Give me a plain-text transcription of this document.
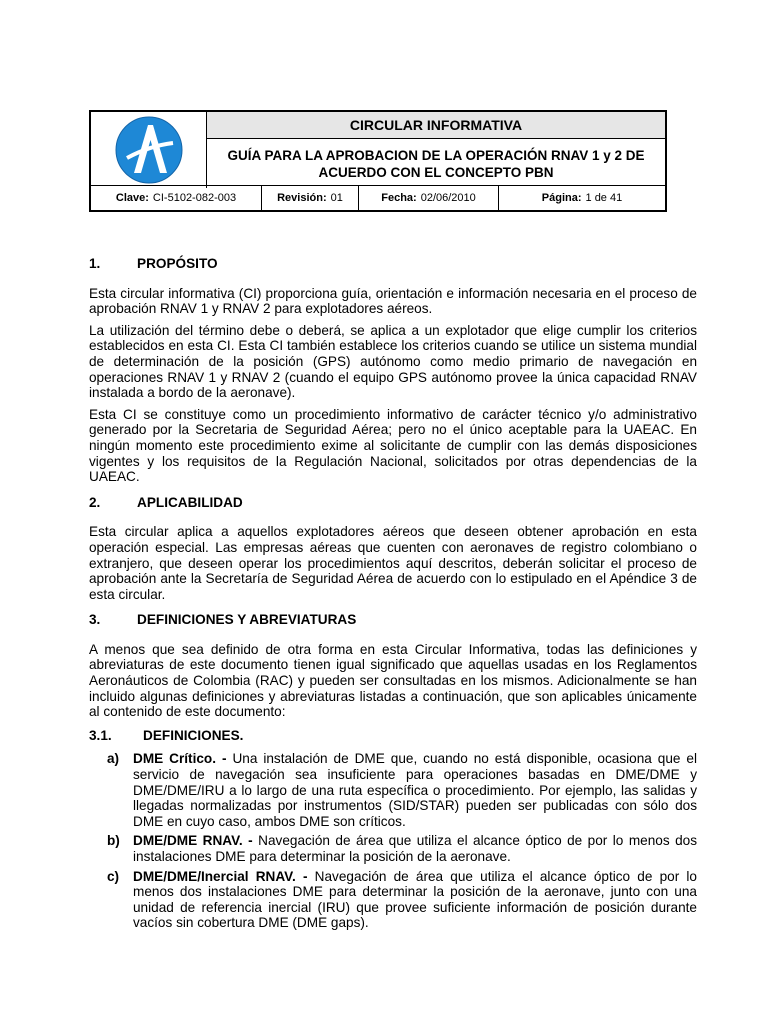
CIRCULAR INFORMATIVA
GUÍA PARA LA APROBACION DE LA OPERACIÓN RNAV 1 y 2 DE ACUERDO CON EL CONCEPTO PBN
Clave: CI-5102-082-003	Revisión: 01	Fecha: 02/06/2010	Página: 1 de 41
1.	PROPÓSITO

Esta circular informativa (CI) proporciona guía, orientación e información necesaria en el proceso de aprobación RNAV 1 y RNAV 2 para explotadores aéreos.

La utilización del término debe o deberá, se aplica a un explotador que elige cumplir los criterios establecidos en esta CI. Esta CI también establece los criterios cuando se utilice un sistema mundial de determinación de la posición (GPS) autónomo como medio primario de navegación en operaciones RNAV 1 y RNAV 2 (cuando el equipo GPS autónomo provee la única capacidad RNAV instalada a bordo de la aeronave).

Esta CI se constituye como un procedimiento informativo de carácter técnico y/o administrativo generado por la Secretaria de Seguridad Aérea; pero no el único aceptable para la UAEAC. En ningún momento este procedimiento exime al solicitante de cumplir con las demás disposiciones vigentes y los requisitos de la Regulación Nacional, solicitados por otras dependencias de la UAEAC.

2.	APLICABILIDAD

Esta circular aplica a aquellos explotadores aéreos que deseen obtener aprobación en esta operación especial. Las empresas aéreas que cuenten con aeronaves de registro colombiano o extranjero, que deseen operar los procedimientos aquí descritos, deberán solicitar el proceso de aprobación ante la Secretaría de Seguridad Aérea de acuerdo con lo estipulado en el Apéndice 3 de esta circular.

3.	DEFINICIONES Y ABREVIATURAS

A menos que sea definido de otra forma en esta Circular Informativa, todas las definiciones y abreviaturas de este documento tienen igual significado que aquellas usadas en los Reglamentos Aeronáuticos de Colombia (RAC) y pueden ser consultadas en los mismos. Adicionalmente se han incluido algunas definiciones y abreviaturas listadas a continuación, que son aplicables únicamente al contenido de este documento:

3.1.	DEFINICIONES.
a)	DME Crítico. - Una instalación de DME que, cuando no está disponible, ocasiona que el servicio de navegación sea insuficiente para operaciones basadas en DME/DME y DME/DME/IRU a lo largo de una ruta específica o procedimiento. Por ejemplo, las salidas y llegadas normalizadas por instrumentos (SID/STAR) pueden ser publicadas con sólo dos DME en cuyo caso, ambos DME son críticos.
b) DME/DME RNAV. - Navegación de área que utiliza el alcance óptico de por lo menos dos instalaciones DME para determinar la posición de la aeronave.
c)	DME/DME/Inercial RNAV. - Navegación de área que utiliza el alcance óptico de por lo menos dos instalaciones DME para determinar la posición de la aeronave, junto con una unidad de referencia inercial (IRU) que provee suficiente información de posición durante vacíos sin cobertura DME (DME gaps).
